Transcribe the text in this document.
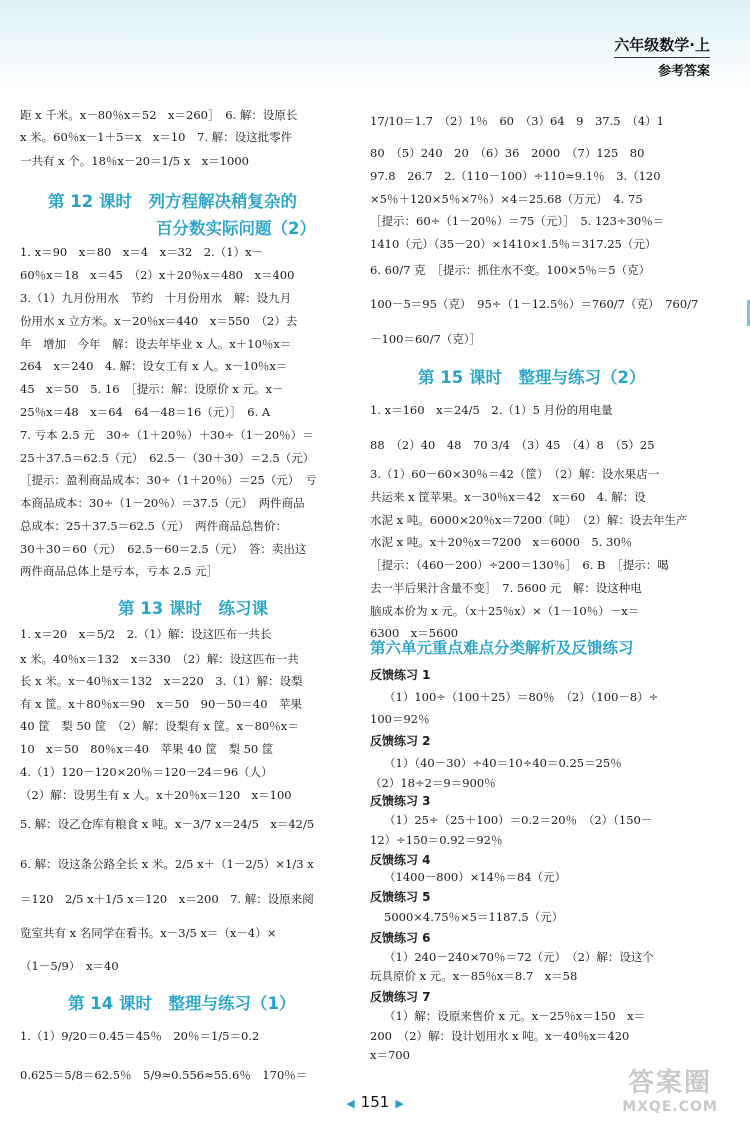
六年级数学·上
参考答案

距 x 千米。x－80％x＝52　x＝260］　6. 解：设原长

x 米。60％x－1＋5＝x　x＝10　7. 解：设这批零件

一共有 x 个。18％x－20＝1/5 x　x＝1000

第 12 课时　列方程解决稍复杂的
百分数实际问题（2）

1. x＝90　x＝80　x＝4　x＝32　2.（1）x－

60％x＝18　x＝45　（2）x＋20％x＝480　x＝400

3.（1）九月份用水　节约　十月份用水　解：设九月

份用水 x 立方米。x－20％x＝440　x＝550　（2）去

年　增加　今年　解：设去年毕业 x 人。x＋10％x＝

264　x＝240　4. 解：设女工有 x 人。x－10％x＝

45　x＝50　5. 16　［提示：解：设原价 x 元。x－

25％x＝48　x＝64　64－48＝16（元）］　6. A

7. 亏本 2.5 元　30÷（1＋20％）＋30÷（1－20％）＝

25＋37.5＝62.5（元）　62.5－（30＋30）＝2.5（元）

［提示：盈利商品成本：30÷（1＋20％）＝25（元）　亏

本商品成本：30÷（1－20％）＝37.5（元）　两件商品

总成本：25＋37.5＝62.5（元）　两件商品总售价：

30＋30＝60（元）　62.5－60＝2.5（元）　答：卖出这

两件商品总体上是亏本，亏本 2.5 元］

第 13 课时　练习课

1. x＝20　x＝5/2　2.（1）解：设这匹布一共长

x 米。40％x＝132　x＝330　（2）解：设这匹布一共

长 x 米。x－40％x＝132　x＝220　3.（1）解：设梨

有 x 筐。x＋80％x＝90　x＝50　90－50＝40　苹果

40 筐　梨 50 筐　（2）解：设梨有 x 筐。x－80％x＝

10　x＝50　80％x＝40　苹果 40 筐　梨 50 筐

4.（1）120－120×20％＝120－24＝96（人）

（2）解：设男生有 x 人。x＋20％x＝120　x＝100

5. 解：设乙仓库有粮食 x 吨。x－3/7 x＝24/5　x＝42/5

6. 解：设这条公路全长 x 米。2/5 x＋（1－2/5）×1/3 x

＝120　2/5 x＋1/5 x＝120　x＝200　7. 解：设原来阅

览室共有 x 名同学在看书。x－3/5 x＝（x－4）×

（1－5/9）　x＝40

第 14 课时　整理与练习（1）

1.（1）9/20＝0.45＝45％　20％＝1/5＝0.2

0.625＝5/8＝62.5％　5/9≈0.556≈55.6％　170％＝

17/10＝1.7　（2）1％　60　（3）64　9　37.5　（4）1

80　（5）240　20　（6）36　2000　（7）125　80

97.8　26.7　2.（110－100）÷110≈9.1％　3.（120

×5％＋120×5％×7％）×4＝25.68（万元）　4. 75

［提示：60÷（1－20％）＝75（元）］　5. 123÷30％＝

1410（元）（35－20）×1410×1.5％＝317.25（元）

6. 60/7 克　［提示：抓住水不变。100×5％＝5（克）

100－5＝95（克）　95÷（1－12.5％）＝760/7（克）　760/7

－100＝60/7（克）］

第 15 课时　整理与练习（2）

1. x＝160　x＝24/5　2.（1）5 月份的用电量

88　（2）40　48　70 3/4　（3）45　（4）8　（5）25

3.（1）60－60×30％＝42（筐）　（2）解：设水果店一

共运来 x 筐苹果。x－30％x＝42　x＝60　4. 解：设

水泥 x 吨。6000×20％x＝7200（吨）　（2）解：设去年生产

水泥 x 吨。x＋20％x＝7200　x＝6000　5. 30％

［提示：（460－200）÷200＝130％］　6. B　［提示：喝

去一半后果汁含量不变］　7. 5600 元　解：设这种电

脑成本价为 x 元。（x＋25％x）×（1－10％）－x＝

6300　x＝5600

第六单元重点难点分类解析及反馈练习
反馈练习 1

（1）100÷（100＋25）＝80％　（2）（100－8）÷

100＝92％

反馈练习 2

（1）（40－30）÷40＝10÷40＝0.25＝25％

（2）18÷2＝9＝900％

反馈练习 3

（1）25÷（25＋100）＝0.2＝20％　（2）（150－

12）÷150＝0.92＝92％

反馈练习 4

（1400－800）×14％＝84（元）

反馈练习 5

5000×4.75％×5＝1187.5（元）

反馈练习 6

（1）240－240×70％＝72（元）　（2）解：设这个

玩具原价 x 元。x－85％x＝8.7　x＝58

反馈练习 7

（1）解：设原来售价 x 元。x－25％x＝150　x＝

200　（2）解：设计划用水 x 吨。x－40％x＝420

x＝700

◀ 151 ▶
答案圈
MXQE.COM
